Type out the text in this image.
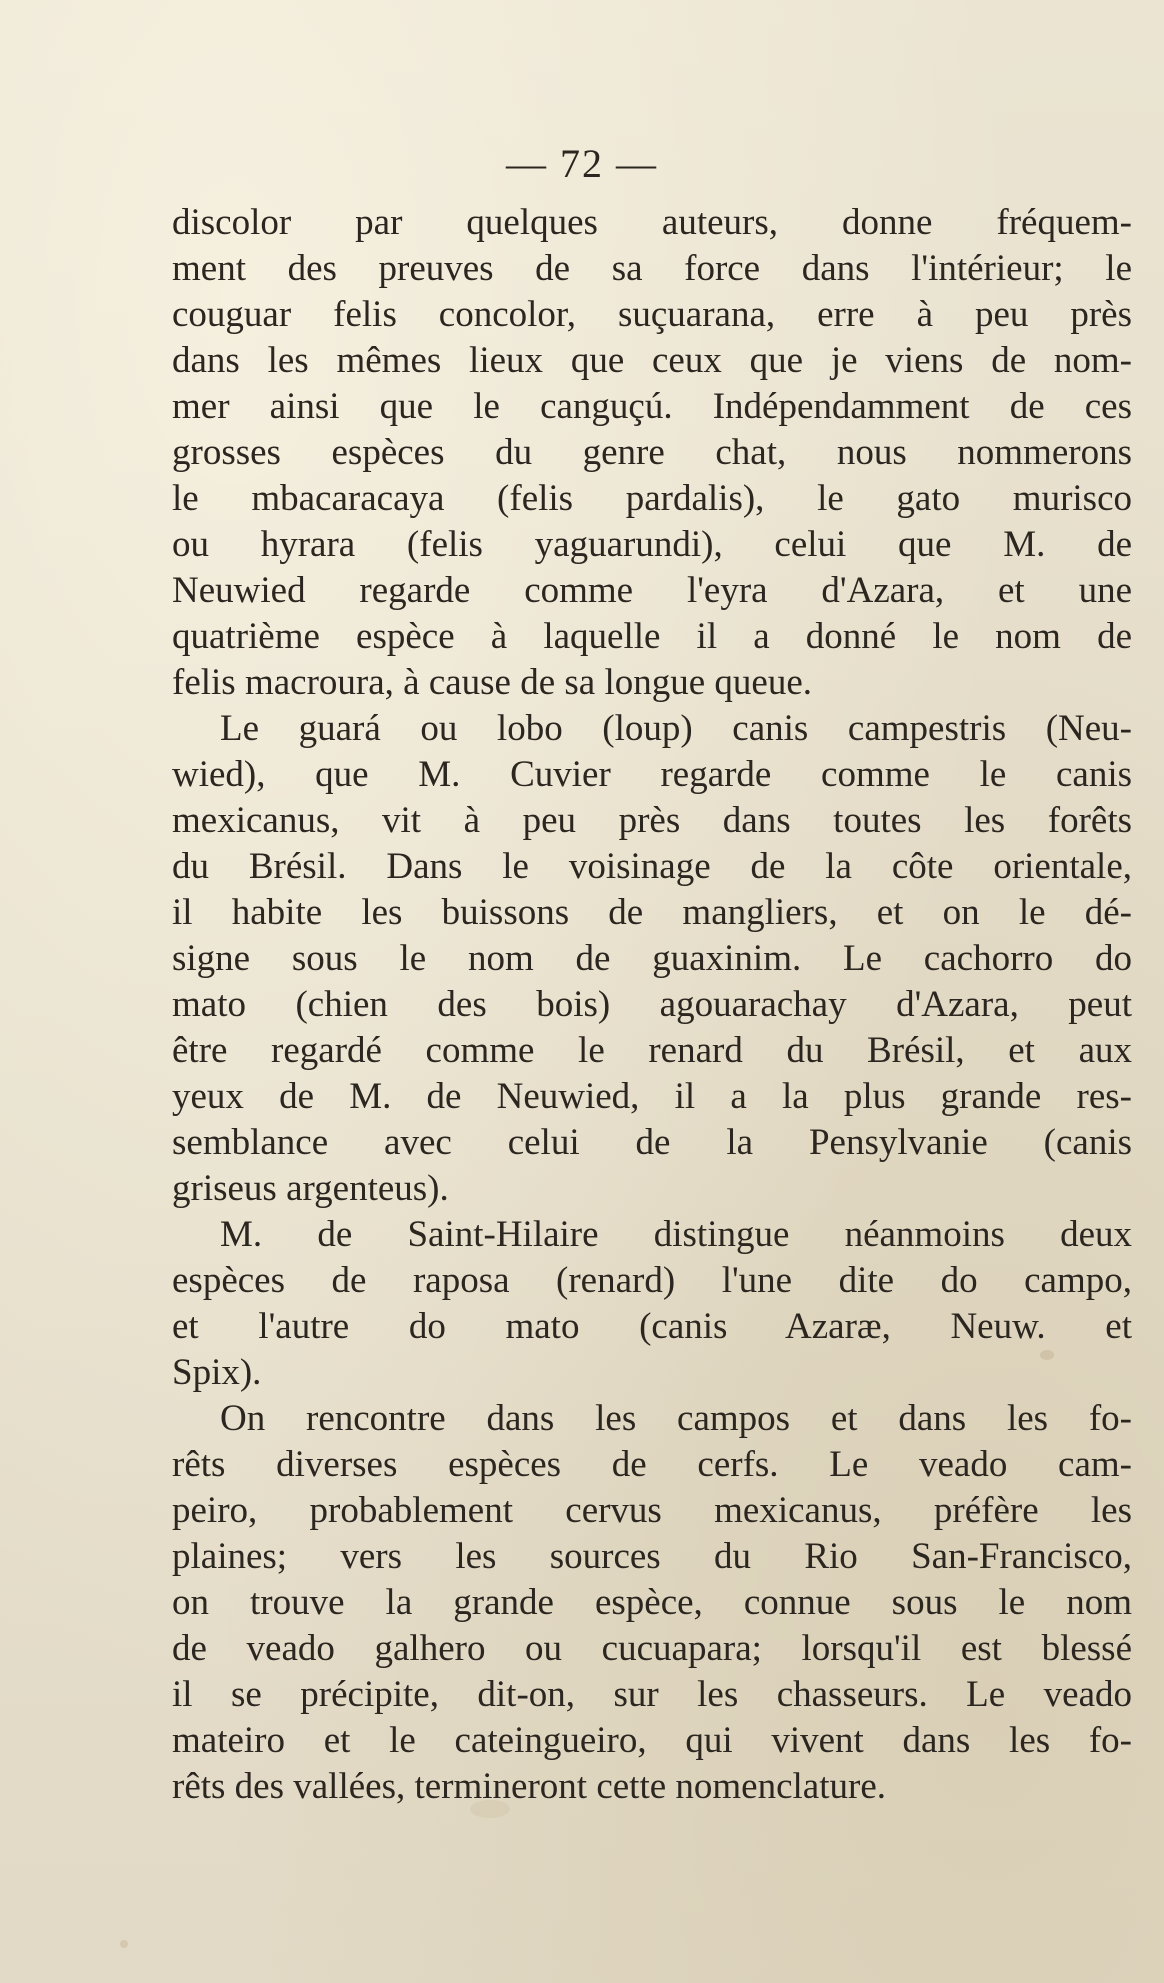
— 72 —
discolor par quelques auteurs, donne fréquem-
ment des preuves de sa force dans l'intérieur; le
couguar felis concolor, suçuarana, erre à peu près
dans les mêmes lieux que ceux que je viens de nom-
mer ainsi que le canguçú. Indépendamment de ces
grosses espèces du genre chat, nous nommerons
le mbacaracaya (felis pardalis), le gato murisco
ou hyrara (felis yaguarundi), celui que M. de
Neuwied regarde comme l'eyra d'Azara, et une
quatrième espèce à laquelle il a donné le nom de
felis macroura, à cause de sa longue queue.
Le guará ou lobo (loup) canis campestris (Neu-
wied), que M. Cuvier regarde comme le canis
mexicanus, vit à peu près dans toutes les forêts
du Brésil. Dans le voisinage de la côte orientale,
il habite les buissons de mangliers, et on le dé-
signe sous le nom de guaxinim. Le cachorro do
mato (chien des bois) agouarachay d'Azara, peut
être regardé comme le renard du Brésil, et aux
yeux de M. de Neuwied, il a la plus grande res-
semblance avec celui de la Pensylvanie (canis
griseus argenteus).
M. de Saint-Hilaire distingue néanmoins deux
espèces de raposa (renard) l'une dite do campo,
et l'autre do mato (canis Azaræ, Neuw. et
Spix).
On rencontre dans les campos et dans les fo-
rêts diverses espèces de cerfs. Le veado cam-
peiro, probablement cervus mexicanus, préfère les
plaines; vers les sources du Rio San-Francisco,
on trouve la grande espèce, connue sous le nom
de veado galhero ou cucuapara; lorsqu'il est blessé
il se précipite, dit-on, sur les chasseurs. Le veado
mateiro et le cateingueiro, qui vivent dans les fo-
rêts des vallées, termineront cette nomenclature.
